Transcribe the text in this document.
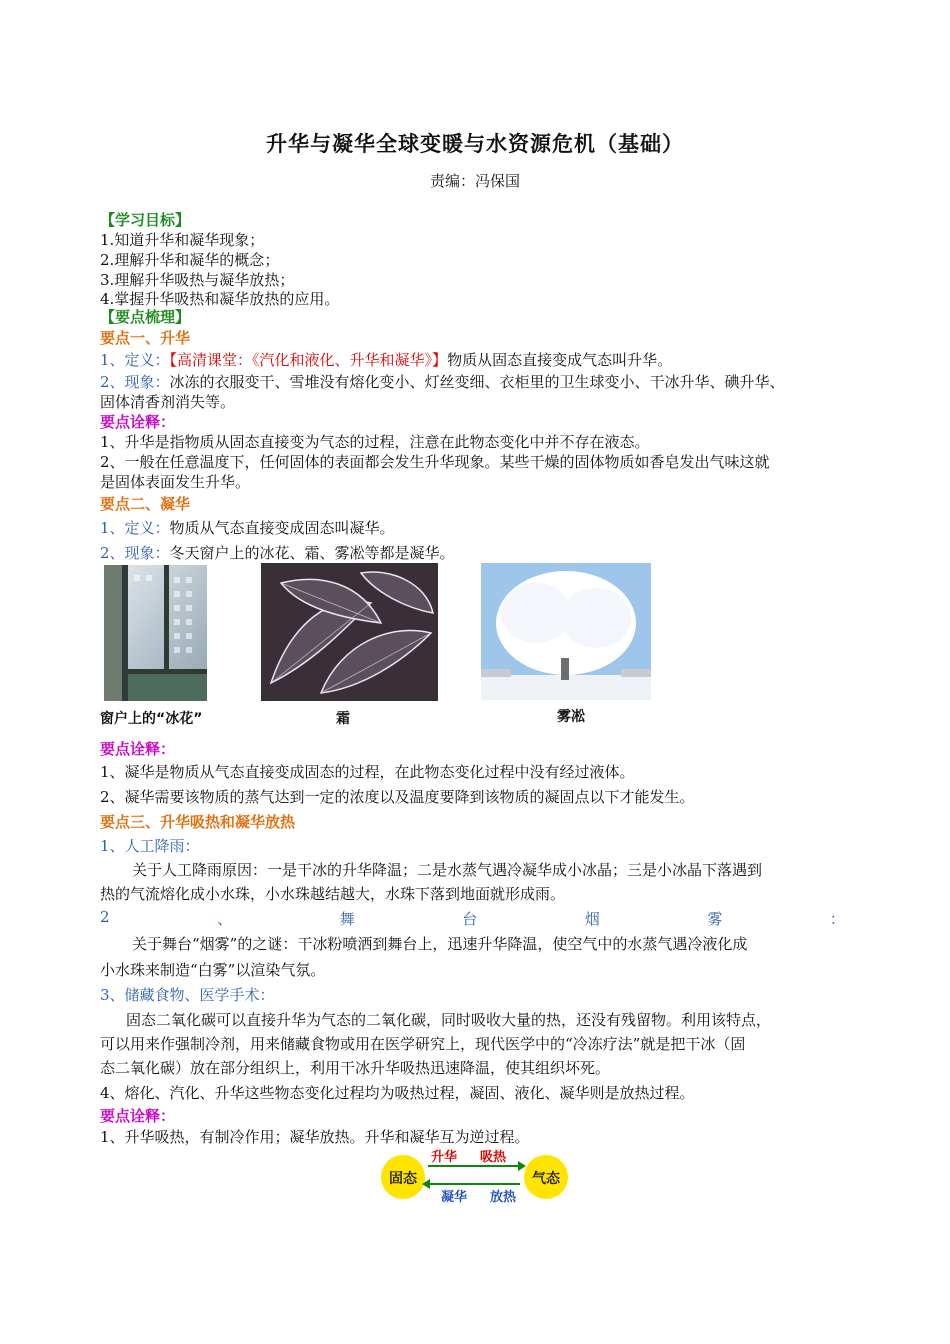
升华与凝华全球变暖与水资源危机（基础）
责编：冯保国
【学习目标】
1.知道升华和凝华现象；
2.理解升华和凝华的概念；
3.理解升华吸热与凝华放热；
4.掌握升华吸热和凝华放热的应用。
【要点梳理】
要点一、升华
1、定义：【高清课堂：《汽化和液化、升华和凝华》】物质从固态直接变成气态叫升华。
2、现象：冰冻的衣服变干、雪堆没有熔化变小、灯丝变细、衣柜里的卫生球变小、干冰升华、碘升华、
固体清香剂消失等。
要点诠释：
1、升华是指物质从固态直接变为气态的过程，注意在此物态变化中并不存在液态。
2、一般在任意温度下，任何固体的表面都会发生升华现象。某些干燥的固体物质如香皂发出气味这就
是固体表面发生升华。
要点二、凝华
1、定义：物质从气态直接变成固态叫凝华。
2、现象：冬天窗户上的冰花、霜、雾凇等都是凝华。
窗户上的“冰花”	霜	雾凇
要点诠释：
1、凝华是物质从气态直接变成固态的过程，在此物态变化过程中没有经过液体。
2、凝华需要该物质的蒸气达到一定的浓度以及温度要降到该物质的凝固点以下才能发生。
要点三、升华吸热和凝华放热
1、人工降雨：
关于人工降雨原因：一是干冰的升华降温；二是水蒸气遇冷凝华成小冰晶；三是小冰晶下落遇到
热的气流熔化成小水珠，小水珠越结越大，水珠下落到地面就形成雨。
2	、	舞	台	烟	雾	：
关于舞台“烟雾”的之谜：干冰粉喷洒到舞台上，迅速升华降温，使空气中的水蒸气遇冷液化成
小水珠来制造“白雾”以渲染气氛。
3、储藏食物、医学手术：
固态二氧化碳可以直接升华为气态的二氧化碳，同时吸收大量的热，还没有残留物。利用该特点，
可以用来作强制冷剂，用来储藏食物或用在医学研究上，现代医学中的“冷冻疗法”就是把干冰（固
态二氧化碳）放在部分组织上，利用干冰升华吸热迅速降温，使其组织坏死。
4、熔化、汽化、升华这些物态变化过程均为吸热过程，凝固、液化、凝华则是放热过程。
要点诠释：
1、升华吸热，有制冷作用；凝华放热。升华和凝华互为逆过程。
固态	气态
升华 吸热
凝华 放热
